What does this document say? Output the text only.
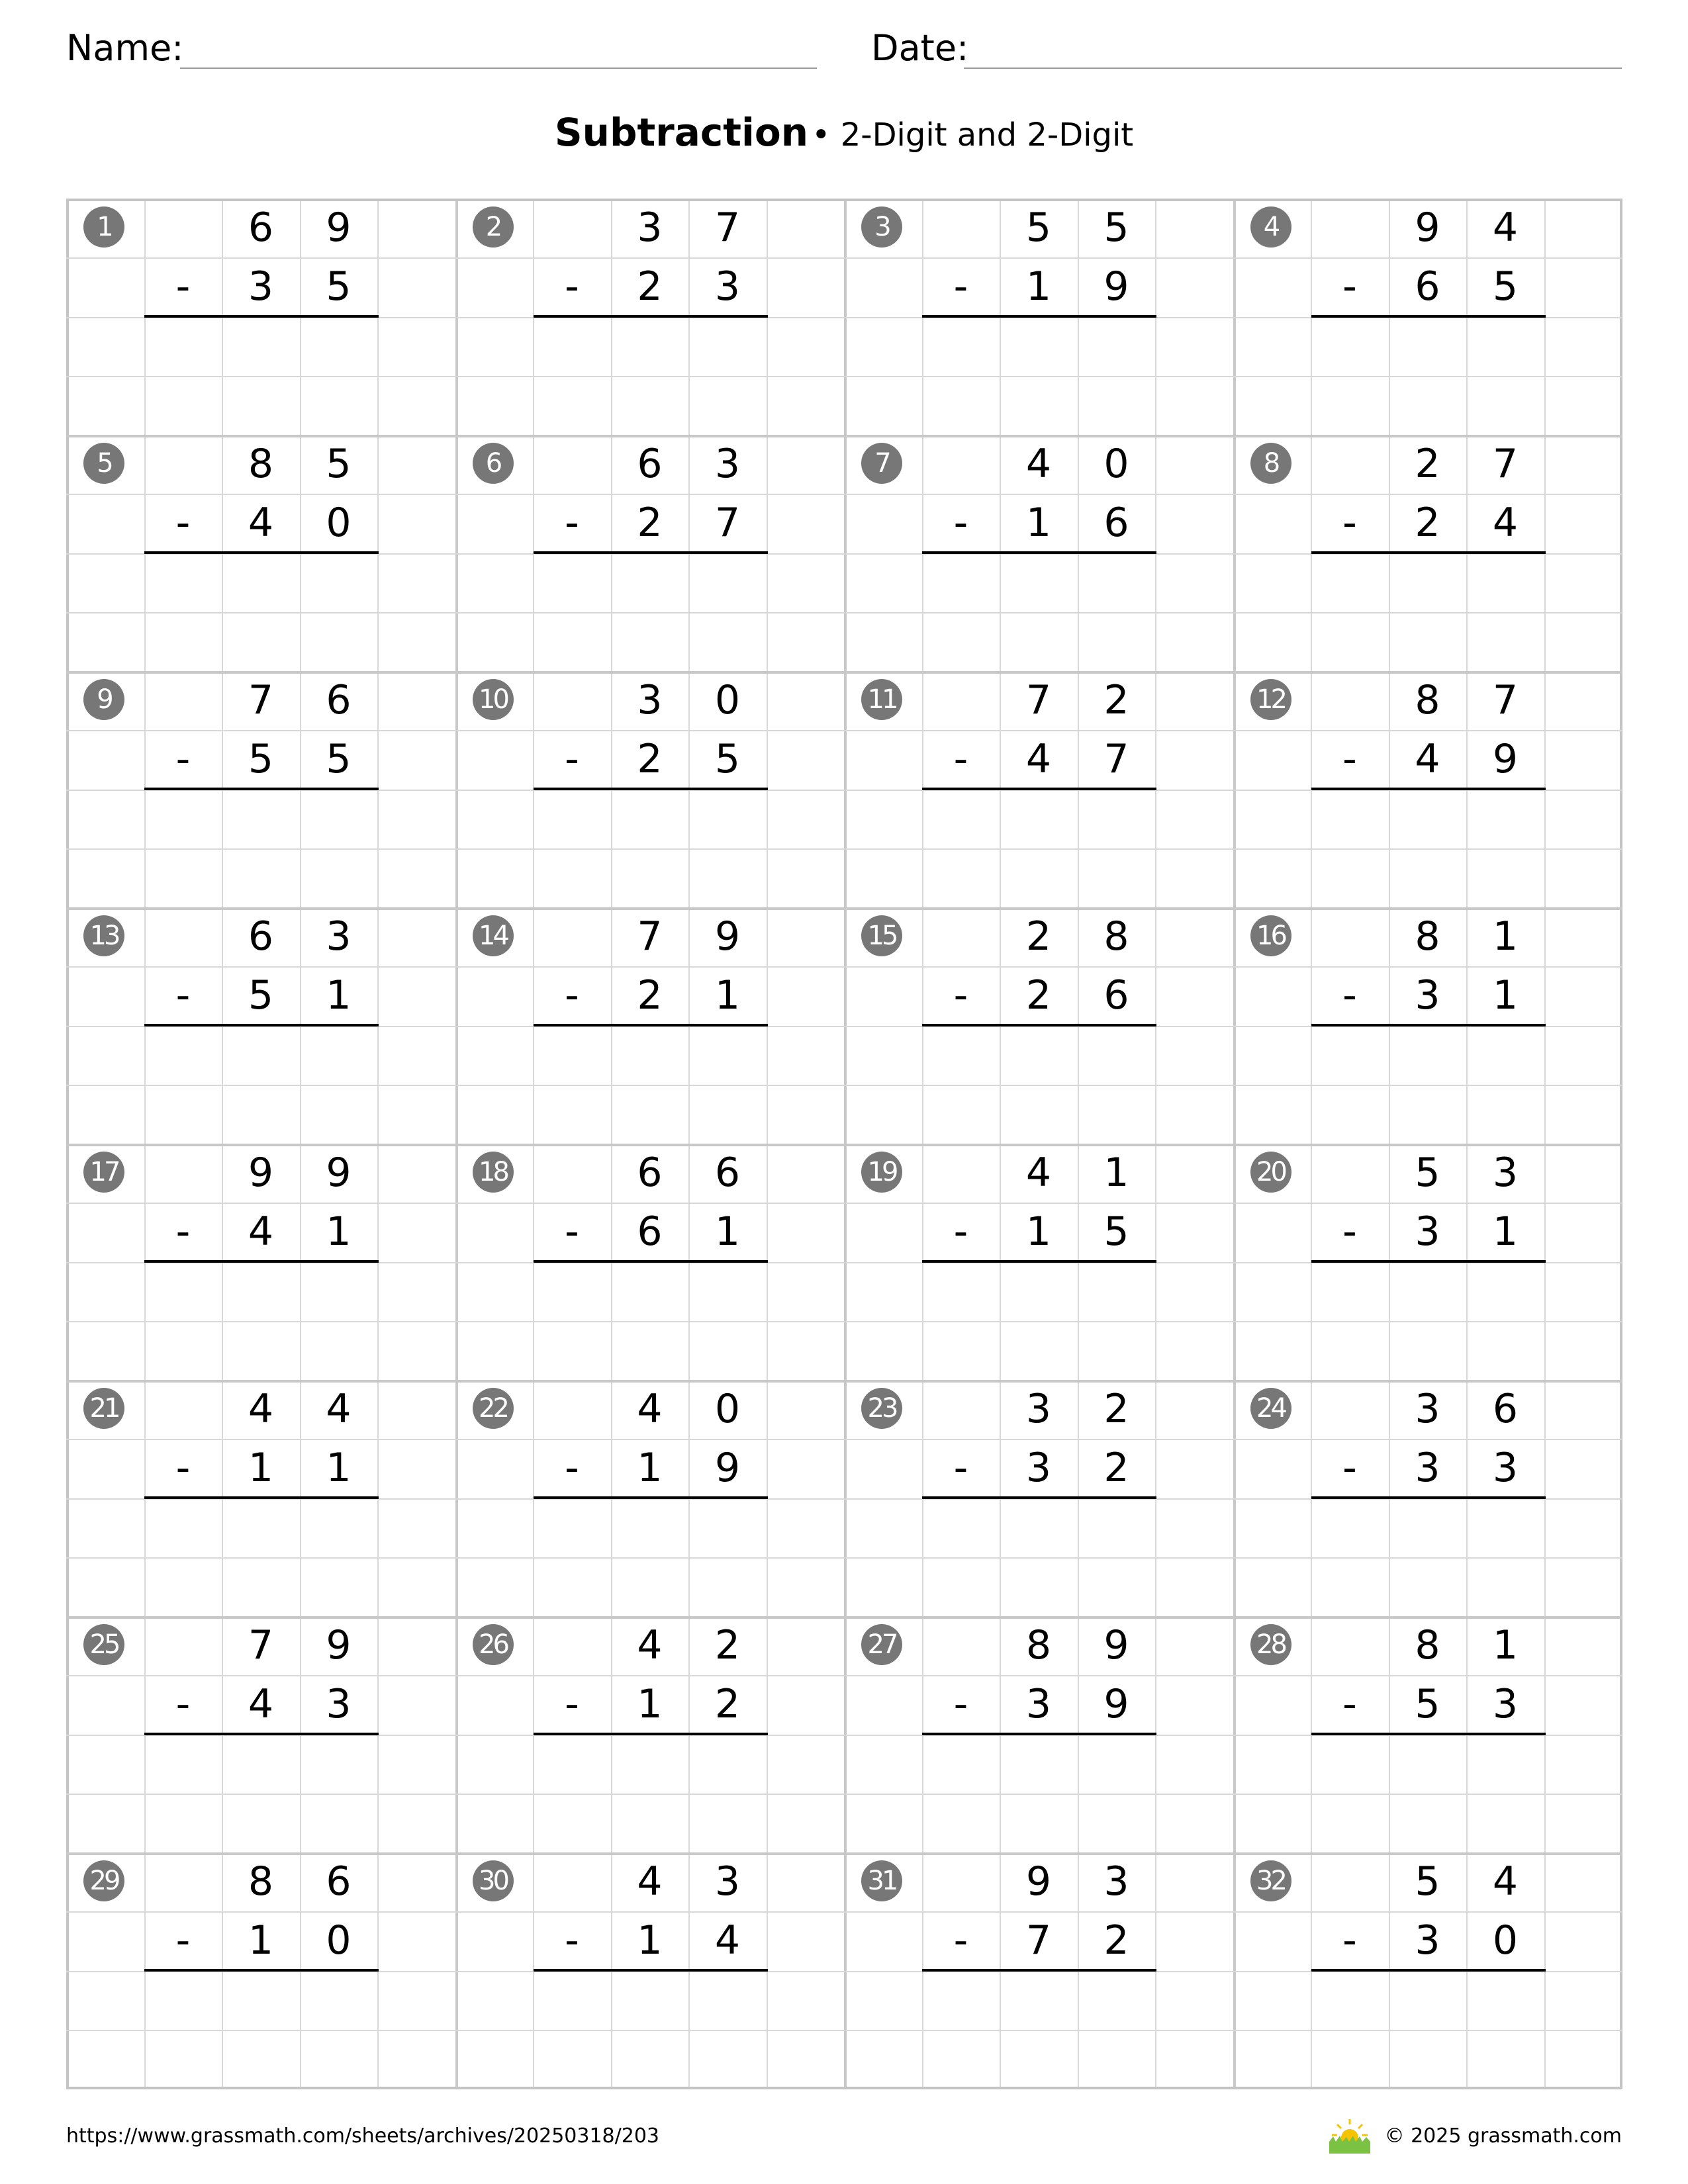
Name:	Date:
Subtraction • 2-Digit and 2-Digit
1	6	9
-	3	5
2	3	7
-	2	3
3	5	5
-	1	9
4	9	4
-	6	5
5	8	5
-	4	0
6	6	3
-	2	7
7	4	0
-	1	6
8	2	7
-	2	4
9	7	6
-	5	5
10	3	0
-	2	5
11	7	2
-	4	7
12	8	7
-	4	9
13	6	3
-	5	1
14	7	9
-	2	1
15	2	8
-	2	6
16	8	1
-	3	1
17	9	9
-	4	1
18	6	6
-	6	1
19	4	1
-	1	5
20	5	3
-	3	1
21	4	4
-	1	1
22	4	0
-	1	9
23	3	2
-	3	2
24	3	6
-	3	3
25	7	9
-	4	3
26	4	2
-	1	2
27	8	9
-	3	9
28	8	1
-	5	3
29	8	6
-	1	0
30	4	3
-	1	4
31	9	3
-	7	2
32	5	4
-	3	0
https://www.grassmath.com/sheets/archives/20250318/203	© 2025 grassmath.com
